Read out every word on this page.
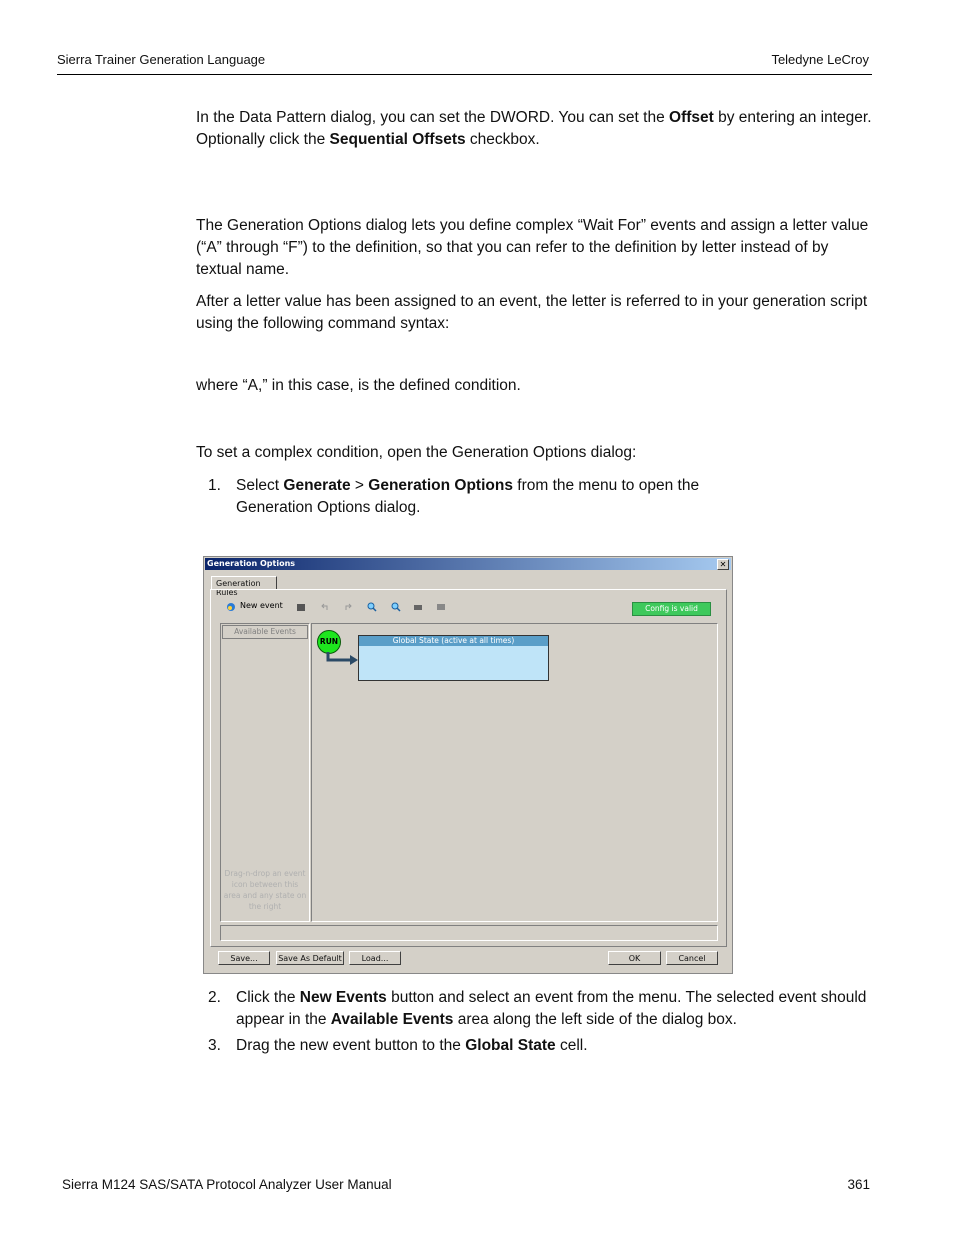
Sierra Trainer Generation Language	Teledyne LeCroy
In the Data Pattern dialog, you can set the DWORD. You can set the Offset by entering an integer. Optionally click the Sequential Offsets checkbox.
The Generation Options dialog lets you define complex “Wait For” events and assign a letter value (“A” through “F”) to the definition, so that you can refer to the definition by letter instead of by textual name.
After a letter value has been assigned to an event, the letter is referred to in your generation script using the following command syntax:
where “A,” in this case, is the defined condition.
To set a complex condition, open the Generation Options dialog:
1. Select Generate > Generation Options from the menu to open the Generation Options dialog.
Generation Options	✕
Generation Rules
New event	Config is valid
Available Events
Drag-n-drop an event icon between this area and any state on the right
RUN	Global State (active at all times)
Save...	Save As Default	Load...	OK	Cancel
2. Click the New Events button and select an event from the menu. The selected event should appear in the Available Events area along the left side of the dialog box.
3. Drag the new event button to the Global State cell.
Sierra M124 SAS/SATA Protocol Analyzer User Manual	361
